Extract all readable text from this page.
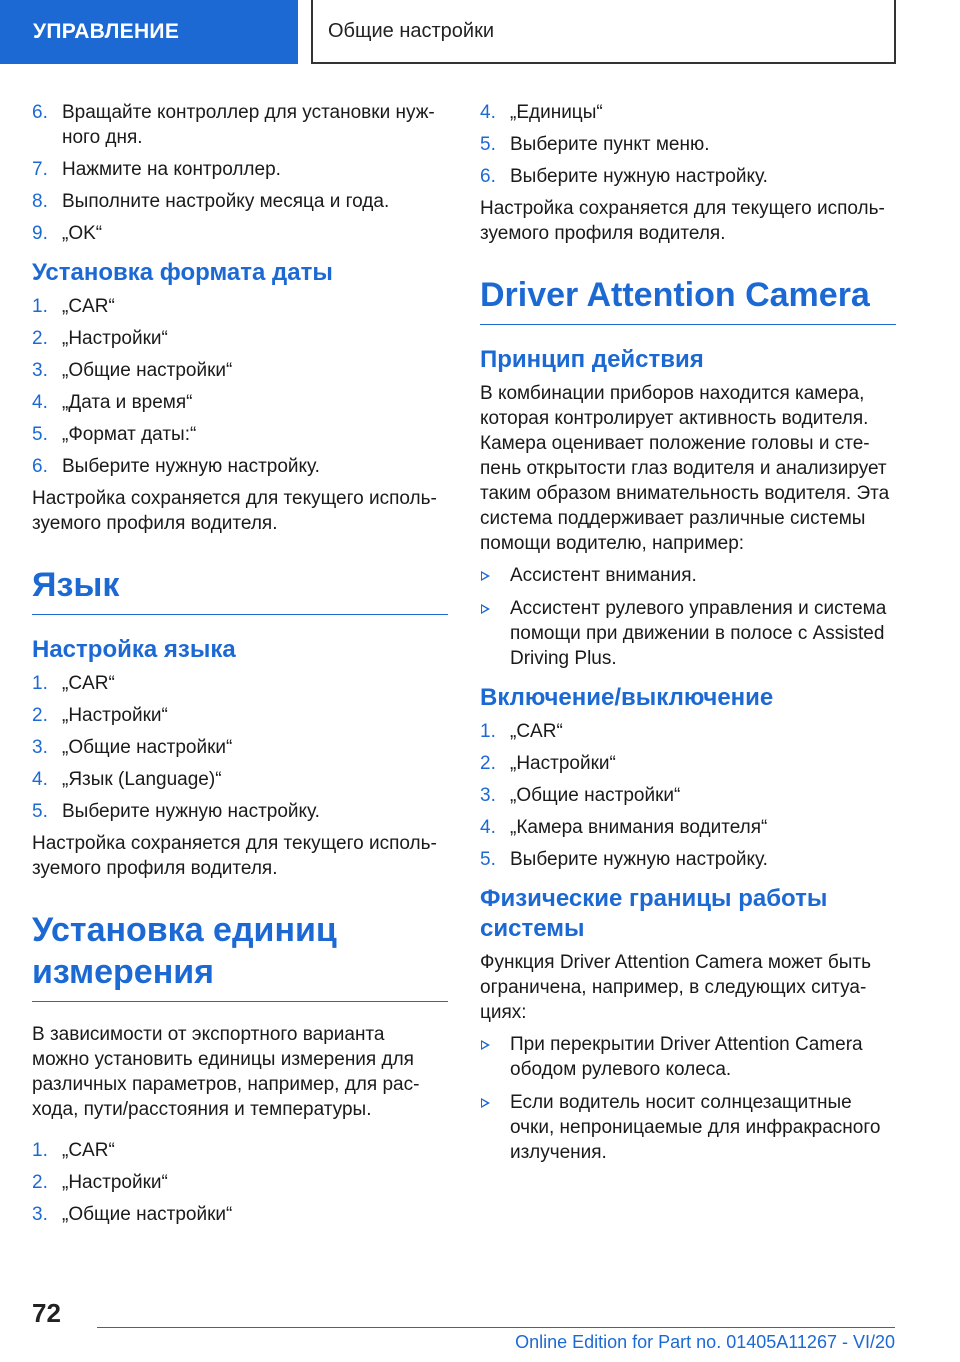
УПРАВЛЕНИЕ	Общие настройки
6. Вращайте контроллер для установки нуж-
ного дня.
7. Нажмите на контроллер.
8. Выполните настройку месяца и года.
9. „OK“
Установка формата даты
1. „CAR“
2. „Настройки“
3. „Общие настройки“
4. „Дата и время“
5. „Формат даты:“
6. Выберите нужную настройку.

Настройка сохраняется для текущего исполь-
зуемого профиля водителя.

Язык
Настройка языка
1. „CAR“
2. „Настройки“
3. „Общие настройки“
4. „Язык (Language)“
5. Выберите нужную настройку.

Настройка сохраняется для текущего исполь-
зуемого профиля водителя.

Установка единиц
измерения

В зависимости от экспортного варианта
можно установить единицы измерения для
различных параметров, например, для рас-
хода, пути/расстояния и температуры.

1. „CAR“
2. „Настройки“
3. „Общие настройки“
4. „Единицы“
5. Выберите пункт меню.
6. Выберите нужную настройку.

Настройка сохраняется для текущего исполь-
зуемого профиля водителя.

Driver Attention Camera
Принцип действия

В комбинации приборов находится камера,
которая контролирует активность водителя.
Камера оценивает положение головы и сте-
пень открытости глаз водителя и анализирует
таким образом внимательность водителя. Эта
система поддерживает различные системы
помощи водителю, например:

Ассистент внимания.
Ассистент рулевого управления и система
помощи при движении в полосе с Assisted
Driving Plus.
Включение/выключение
1. „CAR“
2. „Настройки“
3. „Общие настройки“
4. „Камера внимания водителя“
5. Выберите нужную настройку.
Физические границы работы
системы

Функция Driver Attention Camera может быть
ограничена, например, в следующих ситуа-
циях:

При перекрытии Driver Attention Camera
ободом рулевого колеса.
Если водитель носит солнцезащитные
очки, непроницаемые для инфракрасного
излучения.
72
Online Edition for Part no. 01405A11267 - VI/20
